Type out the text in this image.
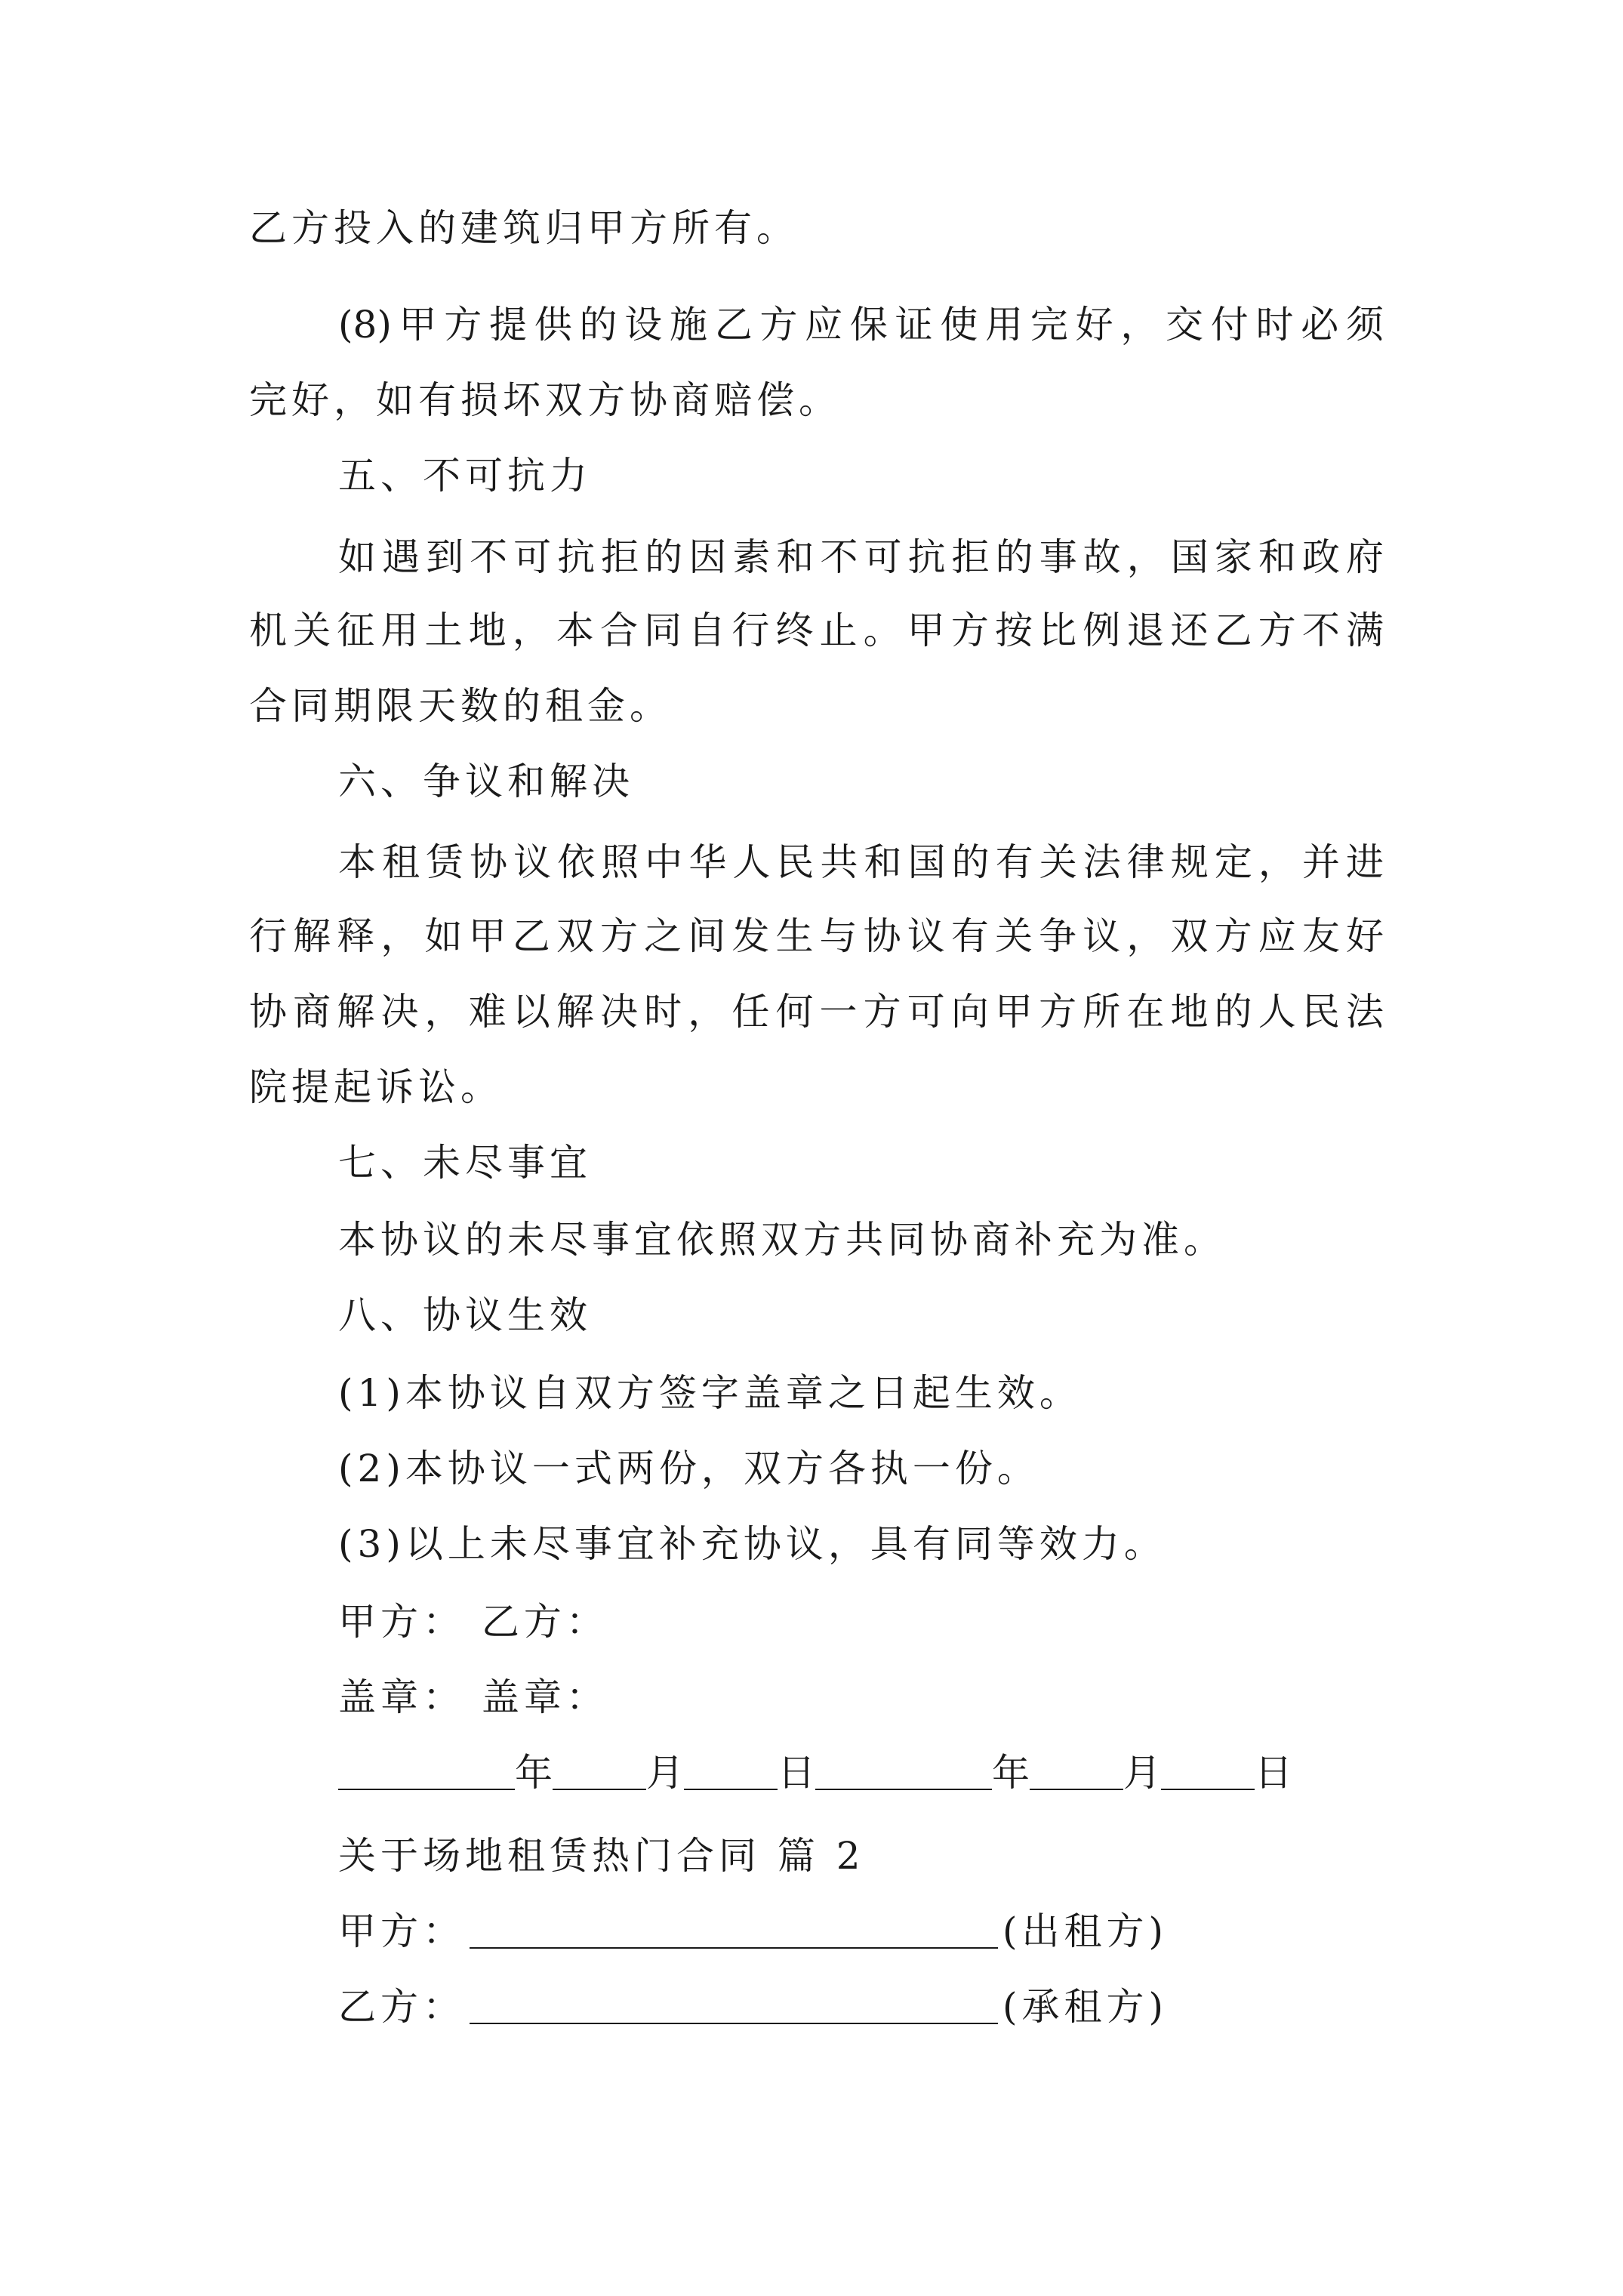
乙方投入的建筑归甲方所有。
(8)甲方提供的设施乙方应保证使用完好，交付时必须
完好，如有损坏双方协商赔偿。
五、不可抗力
如遇到不可抗拒的因素和不可抗拒的事故，国家和政府
机关征用土地，本合同自行终止。甲方按比例退还乙方不满
合同期限天数的租金。
六、争议和解决
本租赁协议依照中华人民共和国的有关法律规定，并进
行解释，如甲乙双方之间发生与协议有关争议，双方应友好
协商解决，难以解决时，任何一方可向甲方所在地的人民法
院提起诉讼。
七、未尽事宜
本协议的未尽事宜依照双方共同协商补充为准。
八、协议生效
(1)本协议自双方签字盖章之日起生效。
(2)本协议一式两份，双方各执一份。
(3)以上未尽事宜补充协议，具有同等效力。
甲方： 乙方：
盖章： 盖章：
年 月 日	年 月 日
关于场地租赁热门合同 篇 2
甲方：	(出租方)
乙方：	(承租方)
